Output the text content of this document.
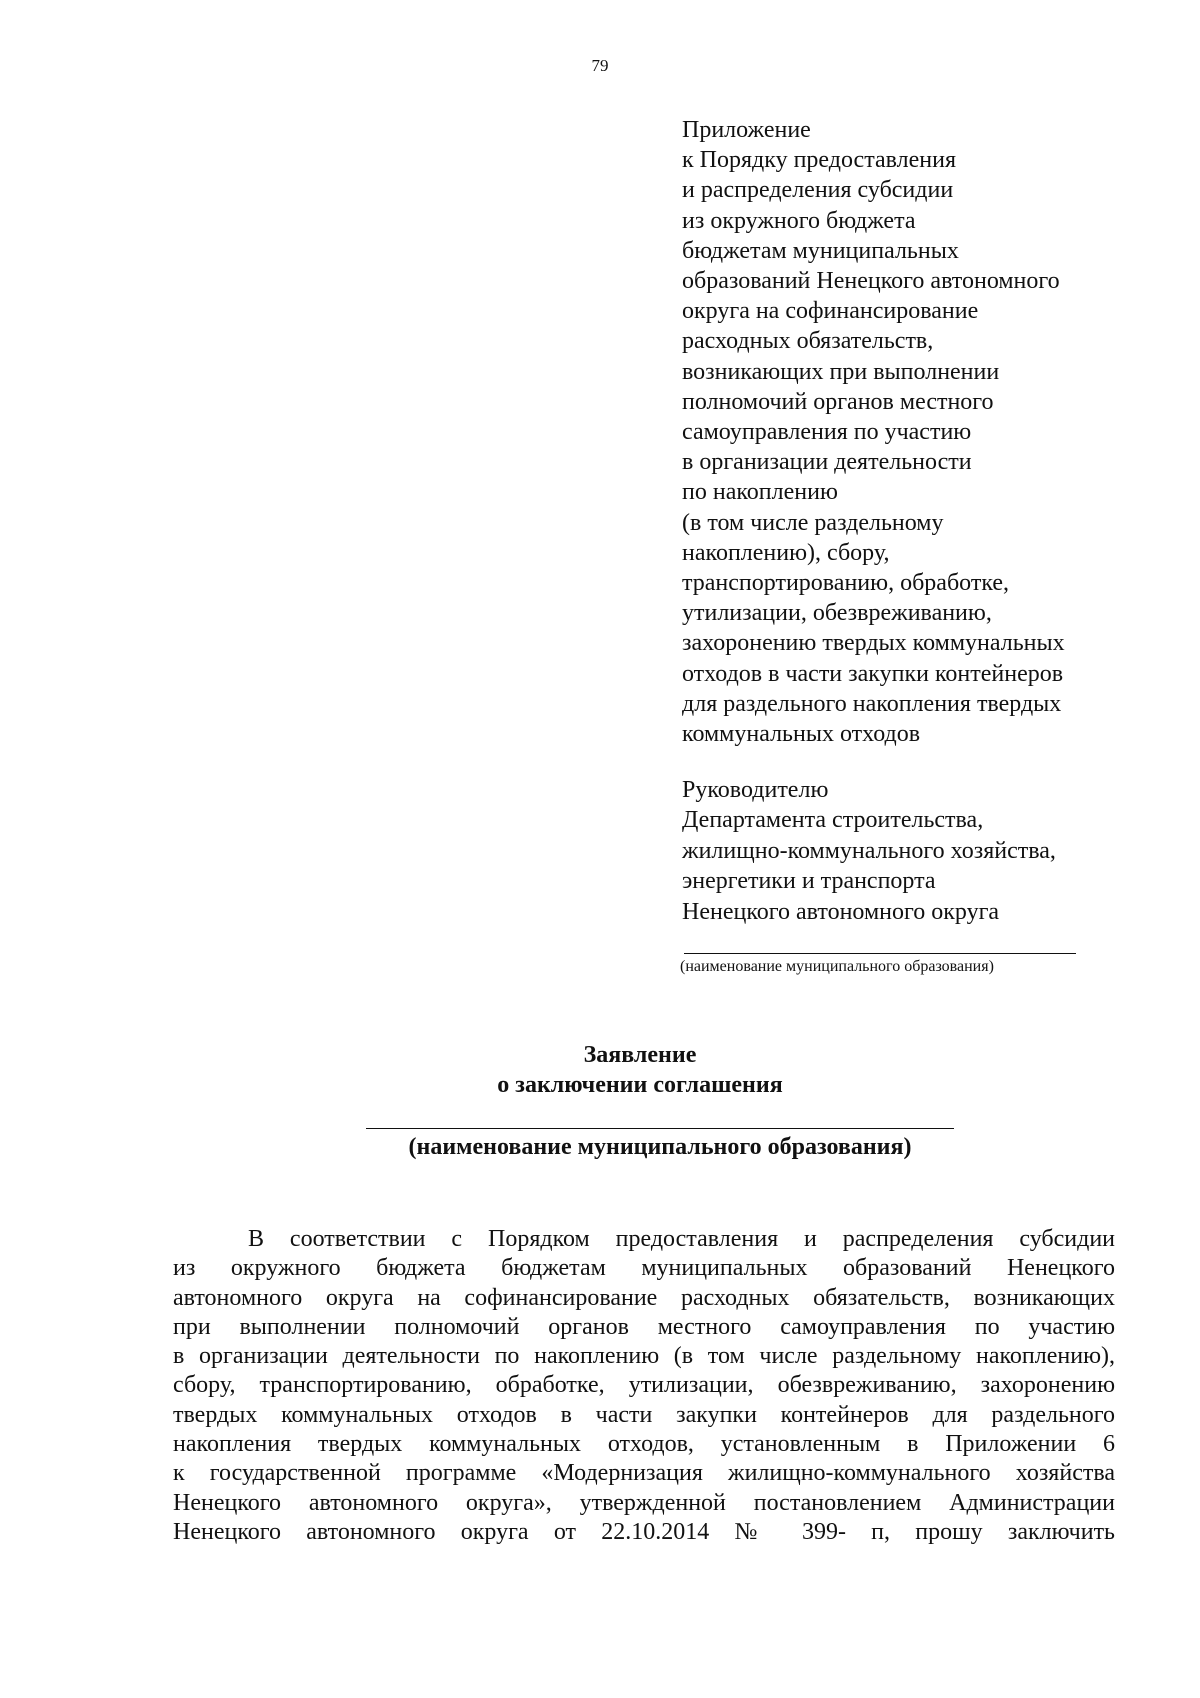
79
Приложение
к Порядку предоставления
и распределения субсидии
из окружного бюджета
бюджетам муниципальных
образований Ненецкого автономного
округа на софинансирование
расходных обязательств,
возникающих при выполнении
полномочий органов местного
самоуправления по участию
в организации деятельности
по накоплению
(в том числе раздельному
накоплению), сбору,
транспортированию, обработке,
утилизации, обезвреживанию,
захоронению твердых коммунальных
отходов в части закупки контейнеров
для раздельного накопления твердых
коммунальных отходов
Руководителю
Департамента строительства,
жилищно-коммунального хозяйства,
энергетики и транспорта
Ненецкого автономного округа
(наименование муниципального образования)
Заявление
о заключении соглашения
(наименование муниципального образования)
В соответствии с Порядком предоставления и распределения субсидии
из окружного бюджета бюджетам муниципальных образований Ненецкого
автономного округа на софинансирование расходных обязательств, возникающих
при выполнении полномочий органов местного самоуправления по участию
в организации деятельности по накоплению (в том числе раздельному накоплению),
сбору, транспортированию, обработке, утилизации, обезвреживанию, захоронению
твердых коммунальных отходов в части закупки контейнеров для раздельного
накопления твердых коммунальных отходов, установленным в Приложении 6
к государственной программе «Модернизация жилищно-коммунального хозяйства
Ненецкого автономного округа», утвержденной постановлением Администрации
Ненецкого автономного округа от 22.10.2014 № 399- п, прошу заключить
